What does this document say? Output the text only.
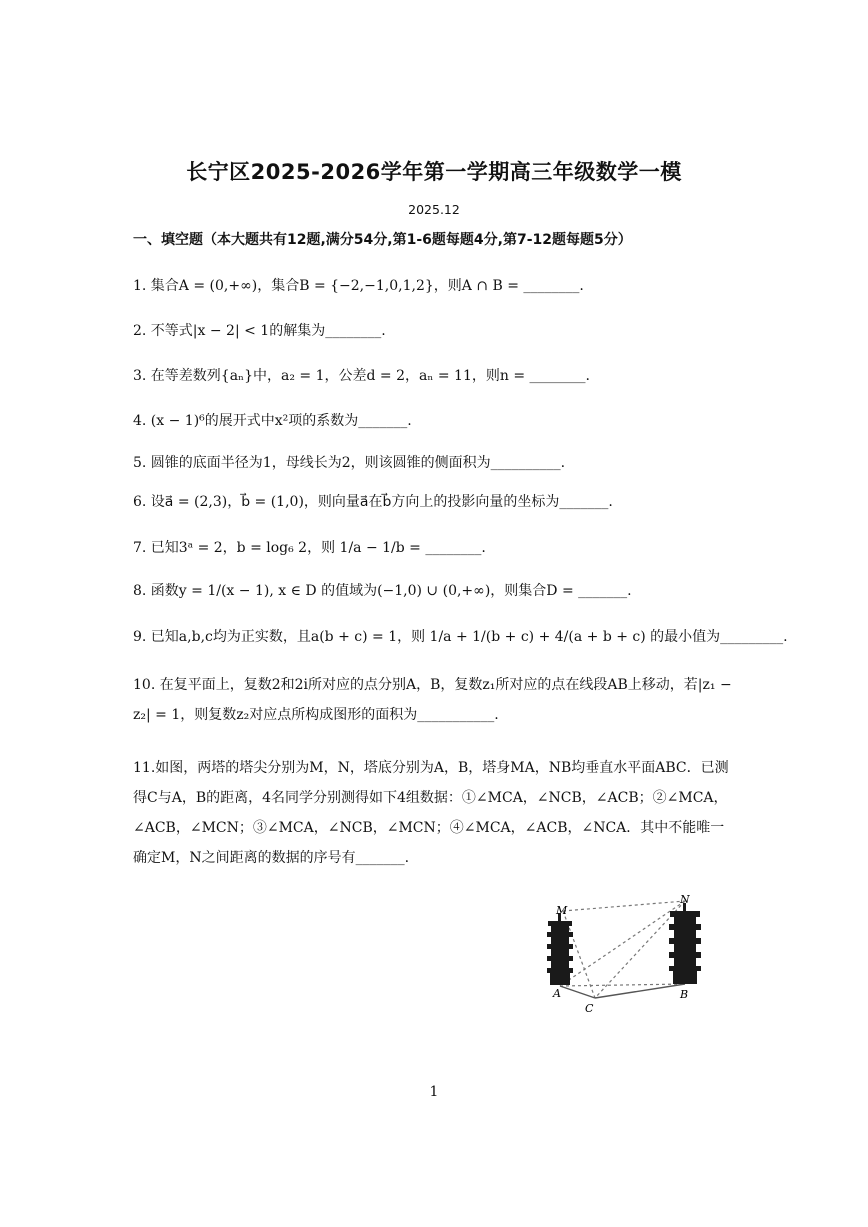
长宁区2025-2026学年第一学期高三年级数学一模
2025.12
一、填空题（本大题共有12题,满分54分,第1-6题每题4分,第7-12题每题5分）
1. 集合A = (0,+∞)，集合B = {−2,−1,0,1,2}，则A ∩ B = ________.
2. 不等式|x − 2| < 1的解集为________.
3. 在等差数列{aₙ}中，a₂ = 1，公差d = 2，aₙ = 11，则n = ________.
4. (x − 1)⁶的展开式中x²项的系数为_______.
5. 圆锥的底面半径为1，母线长为2，则该圆锥的侧面积为__________.
6. 设a⃗ = (2,3)，b⃗ = (1,0)，则向量a⃗在b⃗方向上的投影向量的坐标为_______.
7. 已知3ᵃ = 2，b = log₆ 2，则 1/a − 1/b = ________.
8. 函数y = 1/(x − 1), x ∈ D 的值域为(−1,0) ∪ (0,+∞)，则集合D = _______.
9. 已知a,b,c均为正实数，且a(b + c) = 1，则 1/a + 1/(b + c) + 4/(a + b + c) 的最小值为_________.
10. 在复平面上，复数2和2i所对应的点分别A，B，复数z₁所对应的点在线段AB上移动，若|z₁ − z₂| = 1，则复数z₂对应点所构成图形的面积为___________.
11.如图，两塔的塔尖分别为M，N，塔底分别为A，B，塔身MA，NB均垂直水平面ABC．已测得C与A，B的距离，4名同学分别测得如下4组数据：①∠MCA，∠NCB，∠ACB；②∠MCA，∠ACB，∠MCN；③∠MCA，∠NCB，∠MCN；④∠MCA，∠ACB，∠NCA．其中不能唯一确定M，N之间距离的数据的序号有_______.
M
N
A	B
C
1
